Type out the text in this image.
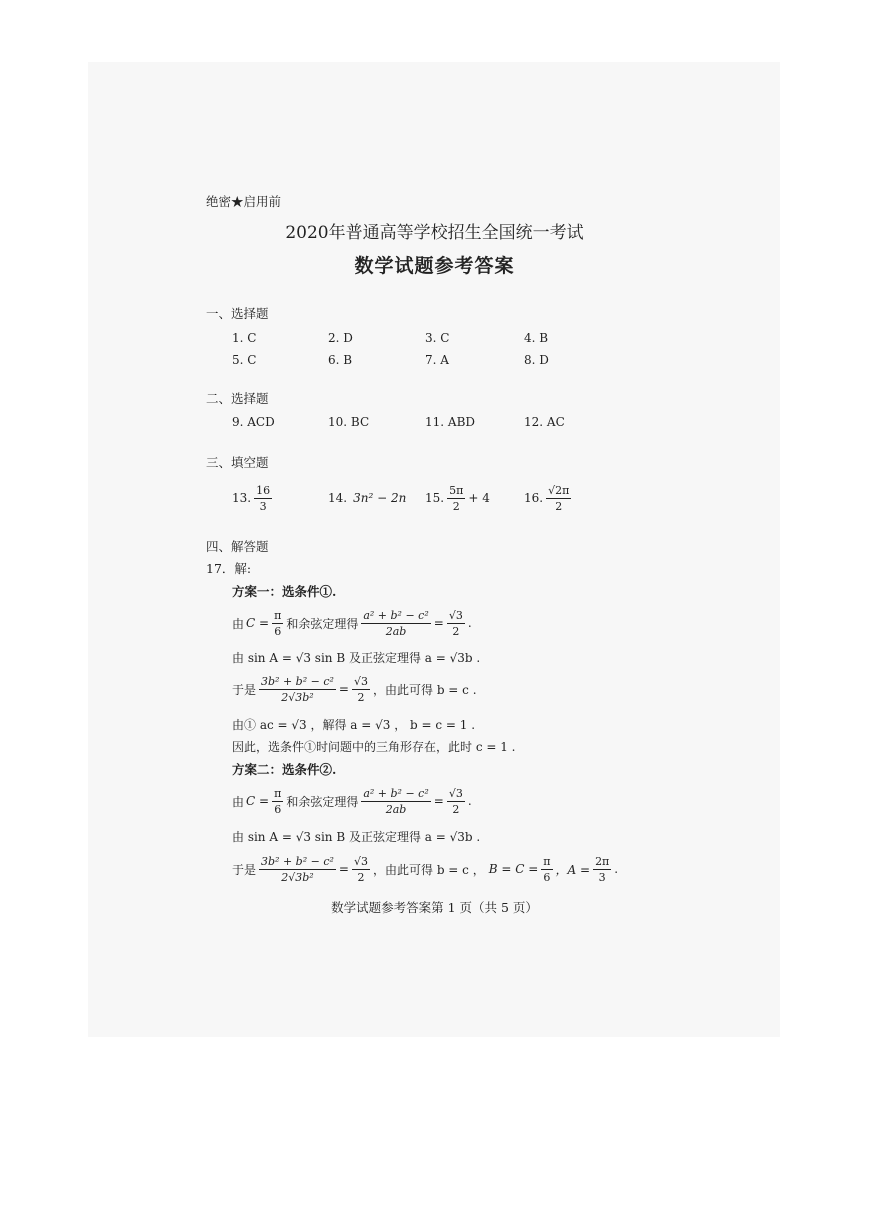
绝密★启用前
2020年普通高等学校招生全国统一考试
数学试题参考答案
一、选择题
1. C	2. D	3. C	4. B
5. C	6. B	7. A	8. D
二、选择题
9. ACD	10. BC	11. ABD	12. AC
三、填空题
13. $\frac{16}{3}$	14. 3n² − 2n 15. $\frac{5\pi}{2} + 4$	16. $\frac{√2\pi}{2}$
四、解答题
17．解:
方案一：选条件①.
由 $C = \frac{\pi}{6}$ 和余弦定理得 $\frac{\text{a² + b² − c²}}{2ab} = \frac{√3}{2}$ .
由 sin A = √3 sin B 及正弦定理得 a = √3b .
于是 $\frac{\text{3b² + b² − c²}}{\text{2√3b²}} = \frac{√3}{2}$ ，由此可得 b = c .
由① ac = √3 ，解得 a = √3 ， b = c = 1 .
因此，选条件①时问题中的三角形存在，此时 c = 1 .
方案二：选条件②.
由 $C = \frac{\pi}{6}$ 和余弦定理得 $\frac{\text{a² + b² − c²}}{2ab} = \frac{√3}{2}$ .
由 sin A = √3 sin B 及正弦定理得 a = √3b .
于是 $\frac{\text{3b² + b² − c²}}{\text{2√3b²}} = \frac{√3}{2}$ ，由此可得 b = c ， $B = C = \frac{\pi}{6}$ ，$A = \frac{2\pi}{3}$ .
数学试题参考答案第 1 页（共 5 页）
